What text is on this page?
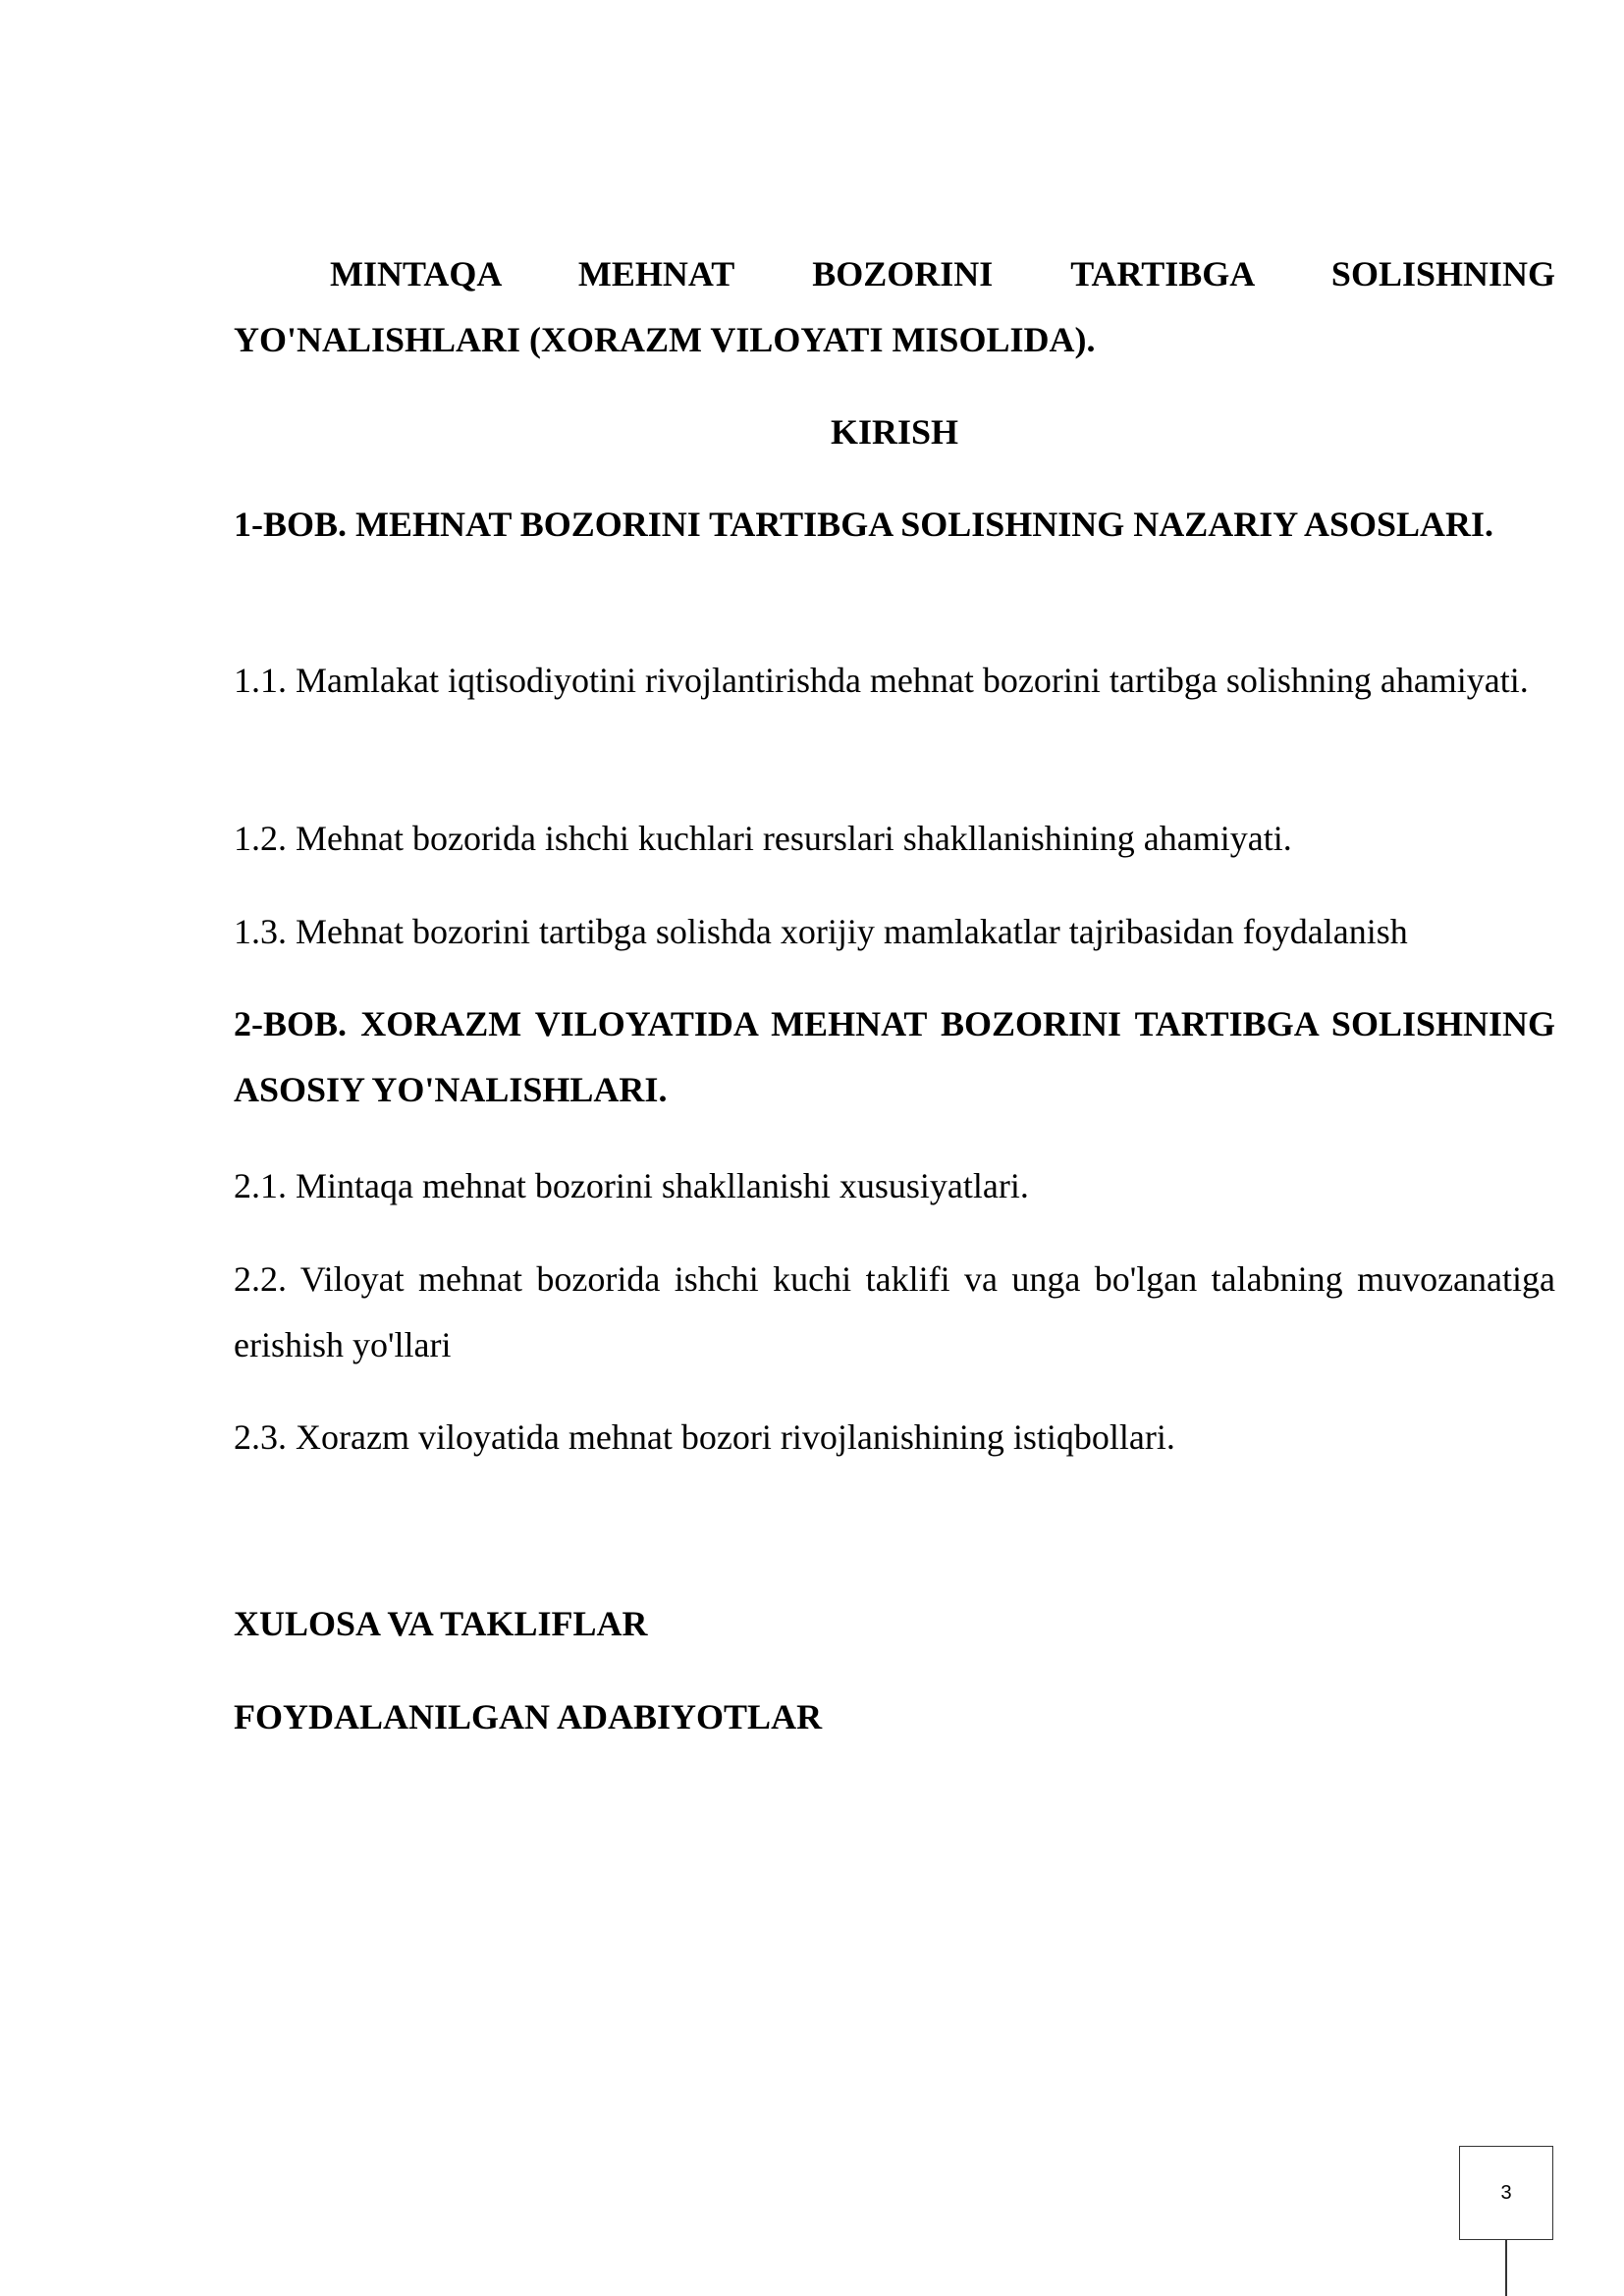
MINTAQA MEHNAT BOZORINI TARTIBGA SOLISHNING YO'NALISHLARI (XORAZM VILOYATI MISOLIDA).

KIRISH

1-BOB. MEHNAT BOZORINI TARTIBGA SOLISHNING NAZARIY ASOSLARI.

1.1. Mamlakat iqtisodiyotini rivojlantirishda mehnat bozorini tartibga solishning ahamiyati.

1.2. Mehnat bozorida ishchi kuchlari resurslari shakllanishining ahamiyati.

1.3. Mehnat bozorini tartibga solishda xorijiy mamlakatlar tajribasidan foydalanish

2-BOB. XORAZM VILOYATIDA MEHNAT BOZORINI TARTIBGA SOLISHNING ASOSIY YO'NALISHLARI.

2.1. Mintaqa mehnat bozorini shakllanishi xususiyatlari.

2.2. Viloyat mehnat bozorida ishchi kuchi taklifi va unga bo'lgan talabning muvozanatiga erishish yo'llari

2.3. Xorazm viloyatida mehnat bozori rivojlanishining istiqbollari.

XULOSA VA TAKLIFLAR

FOYDALANILGAN ADABIYOTLAR

3
